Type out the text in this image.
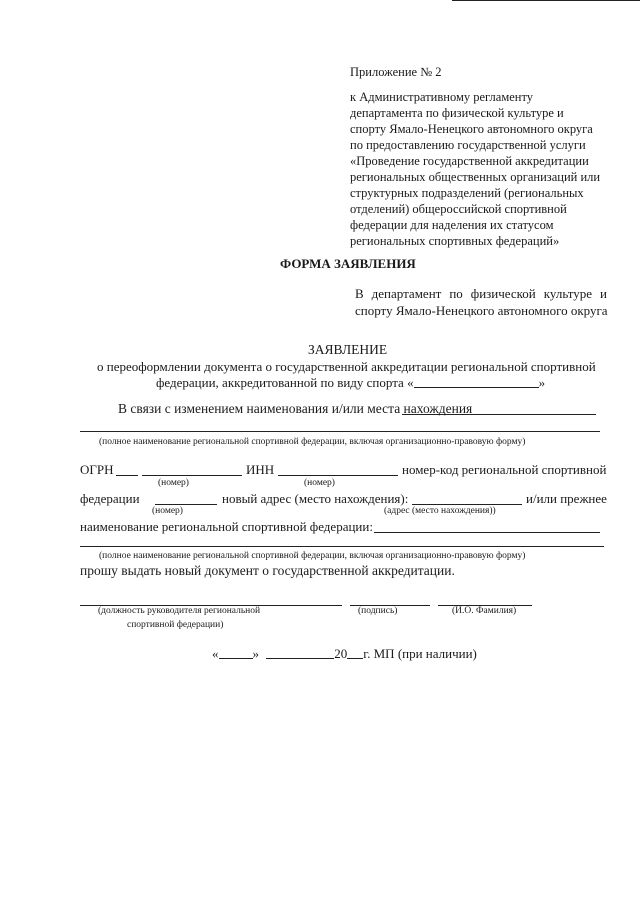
Приложение № 2
к Административному регламенту
департамента по физической культуре и
спорту Ямало-Ненецкого автономного округа
по предоставлению государственной услуги
«Проведение государственной аккредитации
региональных общественных организаций или
структурных подразделений (региональных
отделений) общероссийской спортивной
федерации для наделения их статусом
региональных спортивных федераций»
ФОРМА ЗАЯВЛЕНИЯ
В департамент по физической культуре и
спорту Ямало-Ненецкого автономного округа
ЗАЯВЛЕНИЕ
о переоформлении документа о государственной аккредитации региональной спортивной
федерации, аккредитованной по виду спорта «	»
В связи с изменением наименования и/или места нахождения
(полное наименование региональной спортивной федерации, включая организационно-правовую форму)
ОГРН	ИНН	номер-код региональной спортивной
(номер)	(номер)
федерации	новый адрес (место нахождения):	и/или прежнее
(номер)	(адрес (место нахождения))
наименование региональной спортивной федерации:
(полное наименование региональной спортивной федерации, включая организационно-правовую форму)
прошу выдать новый документ о государственной аккредитации.
(должность руководителя региональной
спортивной федерации)
(подпись)	(И.О. Фамилия)
«	»	20 г. МП (при наличии)
